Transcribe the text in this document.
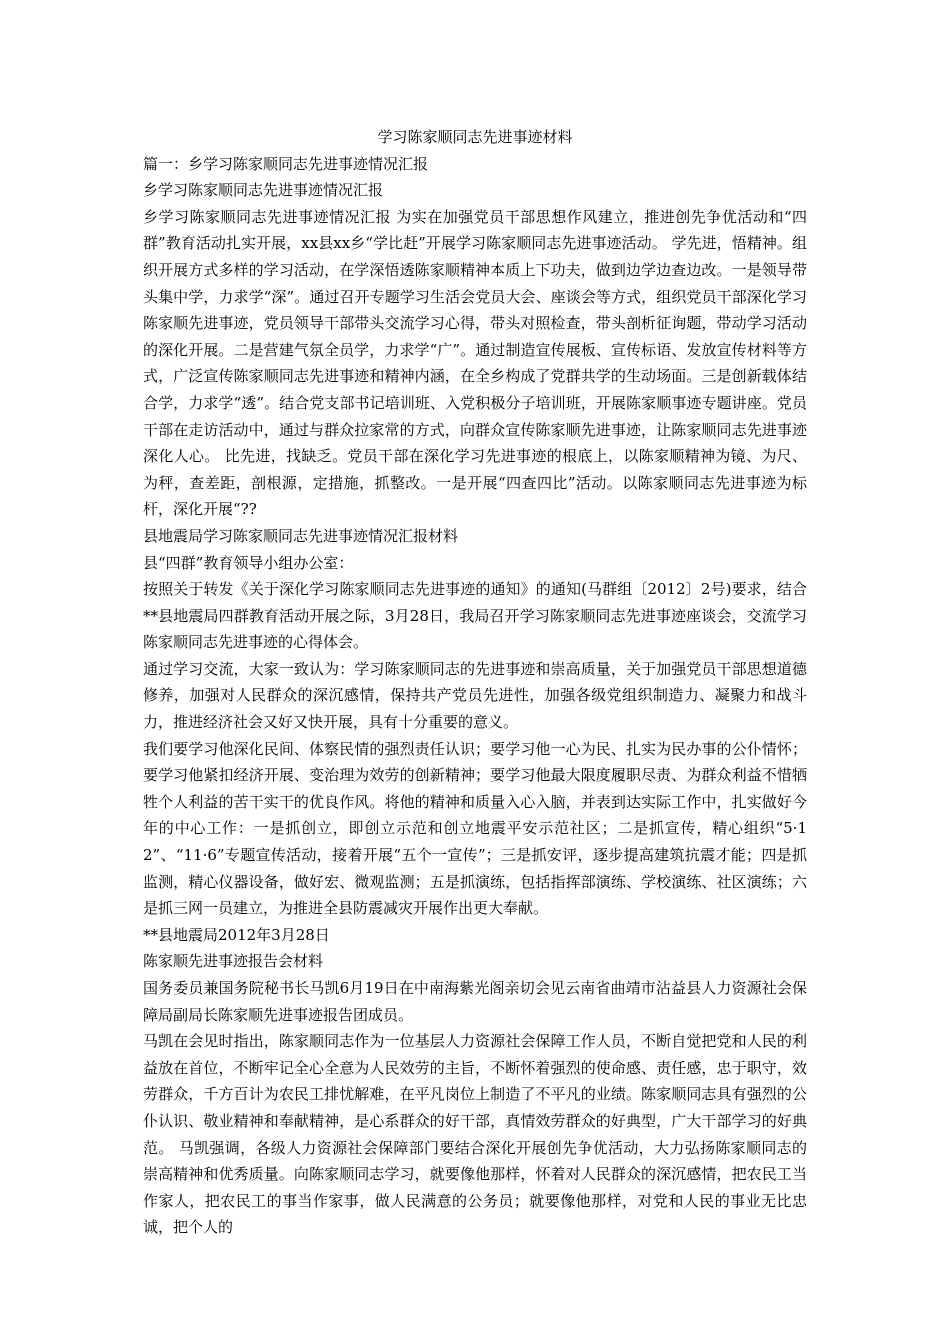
学习陈家顺同志先进事迹材料

篇一：乡学习陈家顺同志先进事迹情况汇报

乡学习陈家顺同志先进事迹情况汇报

乡学习陈家顺同志先进事迹情况汇报 为实在加强党员干部思想作风建立，推进创先争优活动和“四群”教育活动扎实开展，xx县xx乡“学比赶”开展学习陈家顺同志先进事迹活动。 学先进，悟精神。组织开展方式多样的学习活动，在学深悟透陈家顺精神本质上下功夫，做到边学边查边改。一是领导带头集中学，力求学“深”。通过召开专题学习生活会党员大会、座谈会等方式，组织党员干部深化学习陈家顺先进事迹，党员领导干部带头交流学习心得，带头对照检查，带头剖析征询题，带动学习活动的深化开展。二是营建气氛全员学，力求学“广”。通过制造宣传展板、宣传标语、发放宣传材料等方式，广泛宣传陈家顺同志先进事迹和精神内涵，在全乡构成了党群共学的生动场面。三是创新载体结合学，力求学“透”。结合党支部书记培训班、入党积极分子培训班，开展陈家顺事迹专题讲座。党员干部在走访活动中，通过与群众拉家常的方式，向群众宣传陈家顺先进事迹，让陈家顺同志先进事迹深化人心。 比先进，找缺乏。党员干部在深化学习先进事迹的根底上，以陈家顺精神为镜、为尺、为秤，查差距，剖根源，定措施，抓整改。一是开展“四查四比”活动。以陈家顺同志先进事迹为标杆，深化开展“??

县地震局学习陈家顺同志先进事迹情况汇报材料

县“四群”教育领导小组办公室：

按照关于转发《关于深化学习陈家顺同志先进事迹的通知》的通知(马群组〔2012〕2号)要求，结合**县地震局四群教育活动开展之际，3月28日，我局召开学习陈家顺同志先进事迹座谈会，交流学习陈家顺同志先进事迹的心得体会。

通过学习交流，大家一致认为：学习陈家顺同志的先进事迹和崇高质量，关于加强党员干部思想道德修养，加强对人民群众的深沉感情，保持共产党员先进性，加强各级党组织制造力、凝聚力和战斗力，推进经济社会又好又快开展，具有十分重要的意义。

我们要学习他深化民间、体察民情的强烈责任认识；要学习他一心为民、扎实为民办事的公仆情怀；要学习他紧扣经济开展、变治理为效劳的创新精神；要学习他最大限度履职尽责、为群众利益不惜牺牲个人利益的苦干实干的优良作风。将他的精神和质量入心入脑，并表到达实际工作中，扎实做好今年的中心工作：一是抓创立，即创立示范和创立地震平安示范社区；二是抓宣传，精心组织“5·12”、“11·6”专题宣传活动，接着开展“五个一宣传”；三是抓安评，逐步提高建筑抗震才能；四是抓监测，精心仪器设备，做好宏、微观监测；五是抓演练，包括指挥部演练、学校演练、社区演练；六是抓三网一员建立，为推进全县防震减灾开展作出更大奉献。

**县地震局2012年3月28日

陈家顺先进事迹报告会材料

国务委员兼国务院秘书长马凯6月19日在中南海紫光阁亲切会见云南省曲靖市沾益县人力资源社会保障局副局长陈家顺先进事迹报告团成员。

马凯在会见时指出，陈家顺同志作为一位基层人力资源社会保障工作人员，不断自觉把党和人民的利益放在首位，不断牢记全心全意为人民效劳的主旨，不断怀着强烈的使命感、责任感，忠于职守，效劳群众，千方百计为农民工排忧解难，在平凡岗位上制造了不平凡的业绩。陈家顺同志具有强烈的公仆认识、敬业精神和奉献精神，是心系群众的好干部，真情效劳群众的好典型，广大干部学习的好典范。 马凯强调，各级人力资源社会保障部门要结合深化开展创先争优活动，大力弘扬陈家顺同志的崇高精神和优秀质量。向陈家顺同志学习，就要像他那样，怀着对人民群众的深沉感情，把农民工当作家人，把农民工的事当作家事，做人民满意的公务员；就要像他那样，对党和人民的事业无比忠诚，把个人的
